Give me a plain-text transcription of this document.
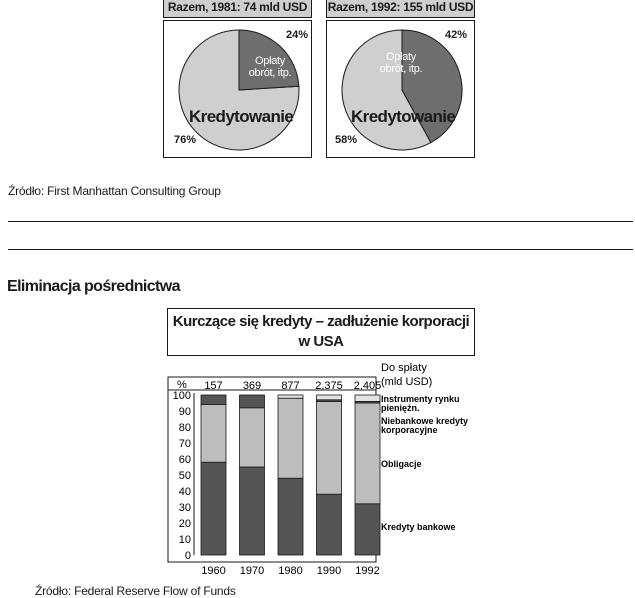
Razem, 1981: 74 mld USD	Razem, 1992: 155 mld USD
24%
76%
Opłaty
obrót, itp.
Kredytowanie
42%
58%
Opłaty
obrót, itp.
Kredytowanie
Źródło: First Manhattan Consulting Group
Eliminacja pośrednictwa
Kurczące się kredyty – zadłużenie korporacji
w USA
%
0
10
20
30
40
50
60
70
80
90
100
1960
157
1970
369
1980
877
1990
2,375
1992
2,405
Do spłaty
(mld USD)
Instrumenty rynku
pieniężn.
Niebankowe kredyty
korporacyjne
Obligacje
Kredyty bankowe
Źródło: Federal Reserve Flow of Funds
